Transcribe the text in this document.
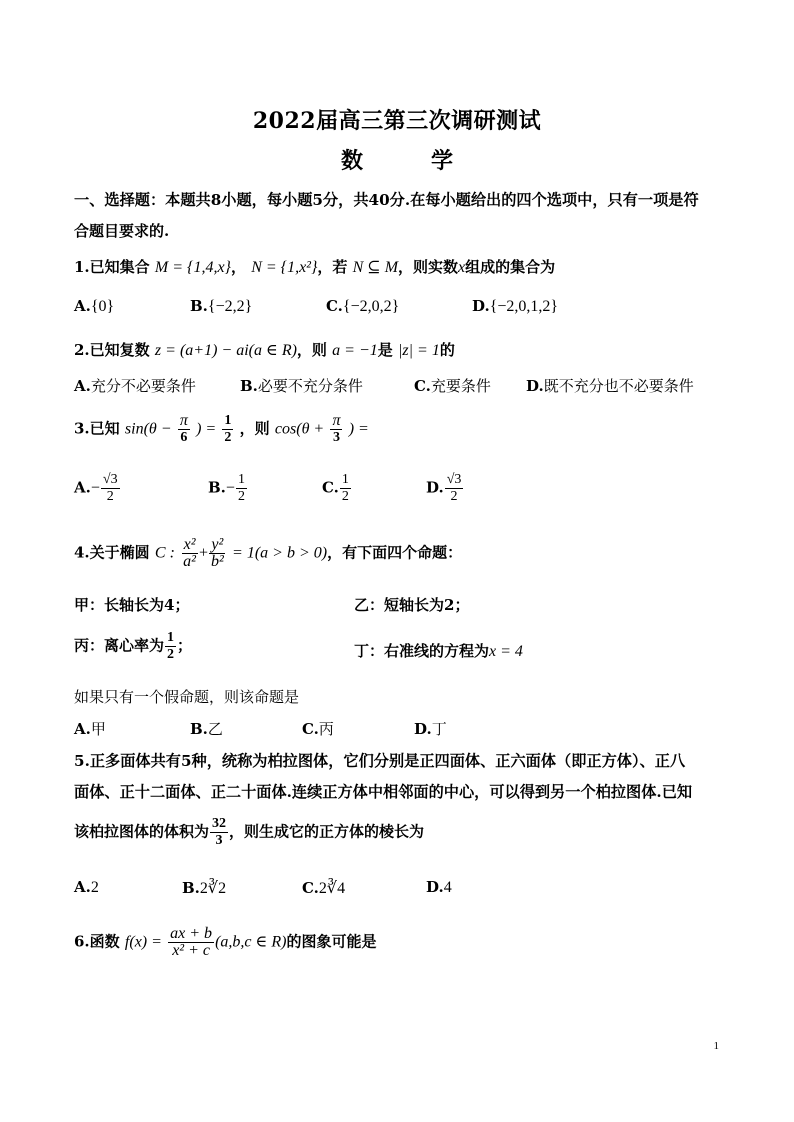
2022届高三第三次调研测试
数	学
一、选择题：本题共8小题，每小题5分，共40分.在每小题给出的四个选项中，只有一项是符
合题目要求的.
1.已知集合 M = {1,4,x}， N = {1,x²}，若 N ⊆ M，则实数x组成的集合为
A.{0}	B.{−2,2}	C.{−2,0,2}	D.{−2,0,1,2}
2.已知复数 z = (a+1) − ai(a ∈ R)，则 a = −1是 |z| = 1的
A.充分不必要条件	B.必要不充分条件	C.充要条件 D.既不充分也不必要条件
3.已知 $\sin(\theta - \frac{\pi}{6}$ ) = $\frac{1}{2}$ ，则 $\cos(\theta + \frac{\pi}{3}$ ) =
$A.- \frac{√3}{2}$	$B.- \frac{1}{2}$	C. $\frac{1}{2}$	D. $\frac{√3}{2}$
4.关于椭圆 C : $\frac{\text{x²}}{\text{a²}} + \frac{\text{y²}}{\text{b²}} = 1(a > b > 0)$，有下面四个命题：
甲：长轴长为4；	乙：短轴长为2；
丙：离心率为 $\frac{1}{2}$ ；	丁：右准线的方程为x = 4
如果只有一个假命题，则该命题是
A.甲	B.乙	C.丙	D.丁
5.正多面体共有5种，统称为柏拉图体，它们分别是正四面体、正六面体（即正方体）、正八
面体、正十二面体、正二十面体.连续正方体中相邻面的中心，可以得到另一个柏拉图体.已知
该柏拉图体的体积为 $\frac{32}{3}$ ，则生成它的正方体的棱长为
A.2	B.2∛2	C.2∛4	D.4
6.函数 $f(x) = \frac{ax + b}{\text{x² + c}} (a,b,c$ ∈ R)的图象可能是
1
